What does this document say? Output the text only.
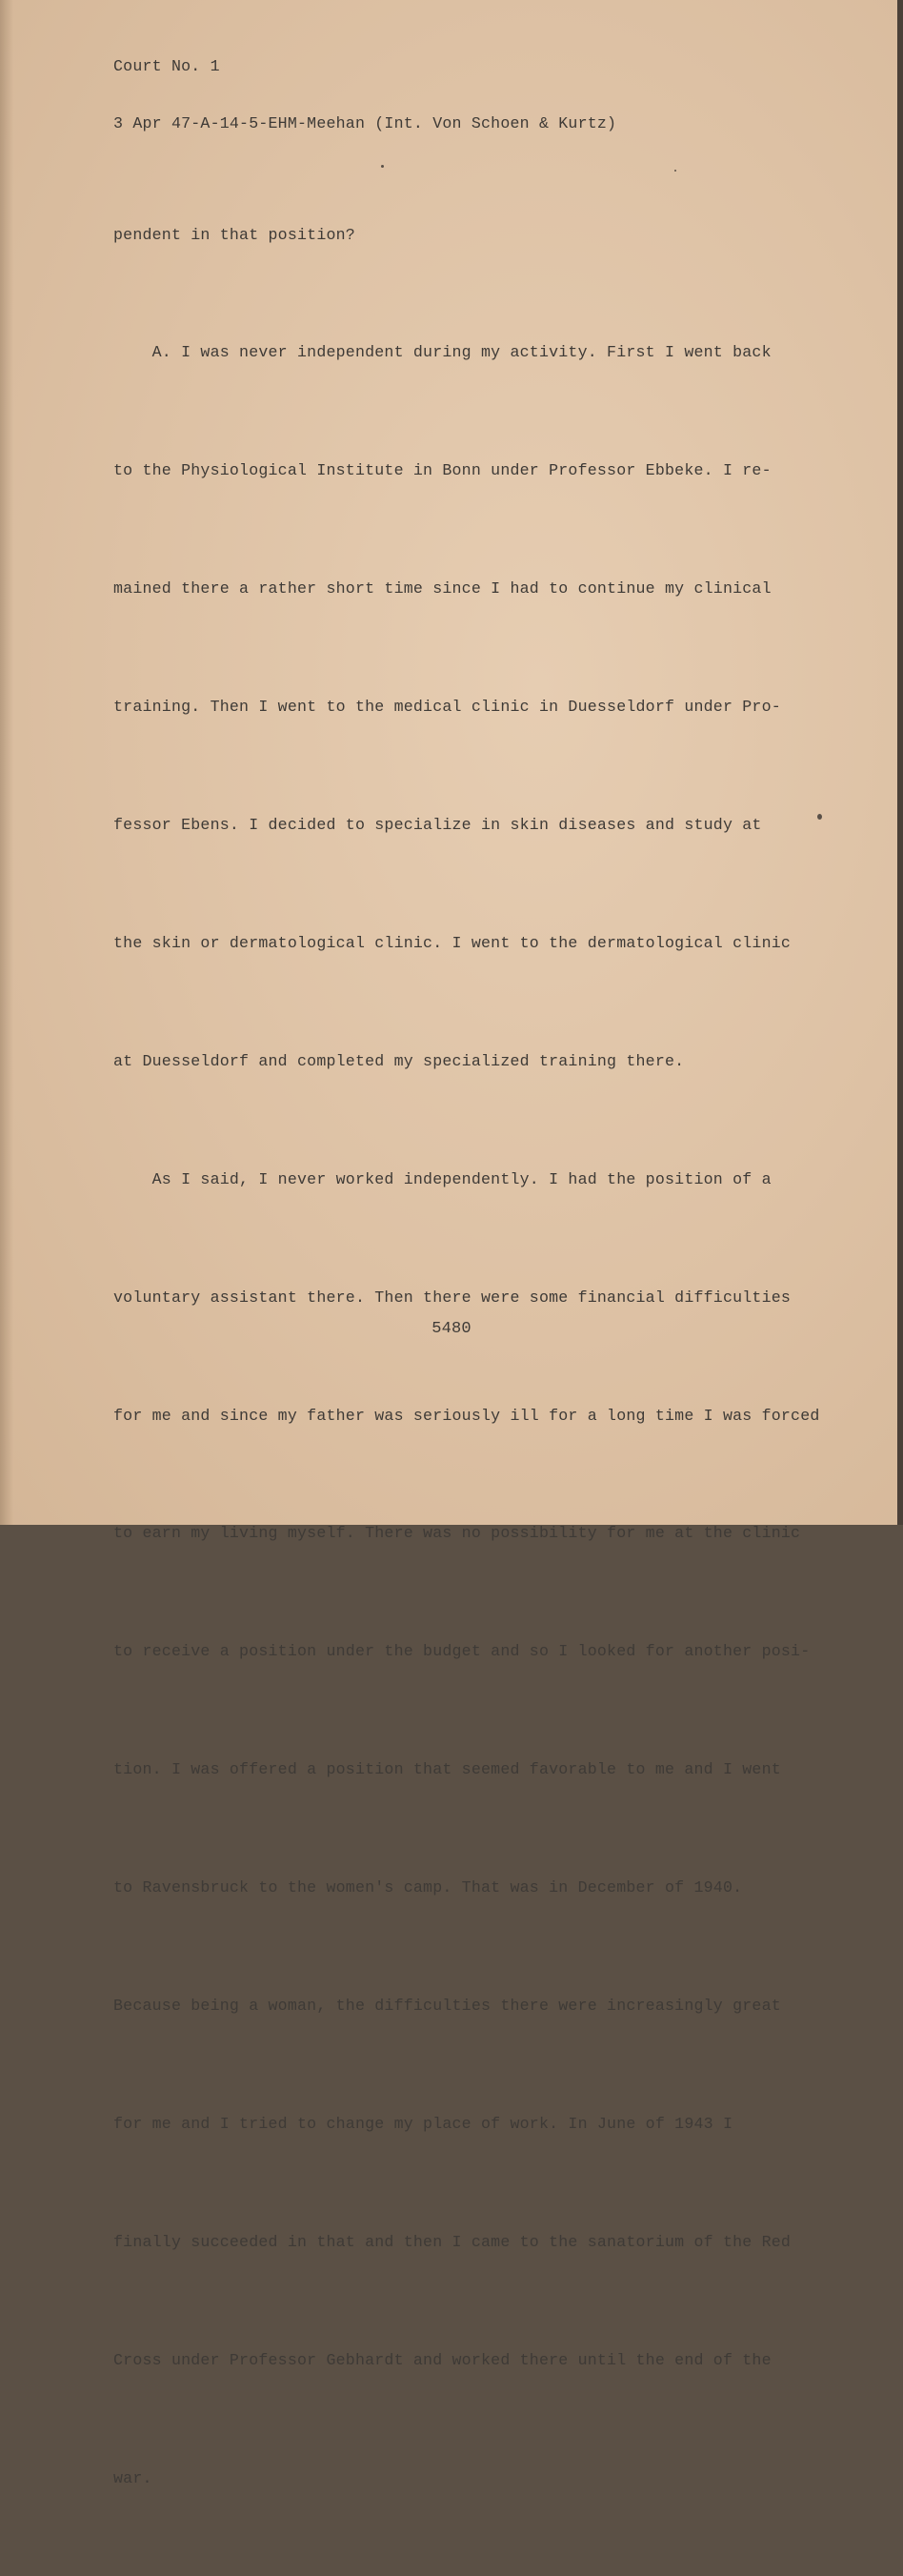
Court No. 1

3 Apr 47-A-14-5-EHM-Meehan (Int. Von Schoen & Kurtz)

pendent in that position?

A. I was never independent during my activity. First I went back

to the Physiological Institute in Bonn under Professor Ebbeke. I re-

mained there a rather short time since I had to continue my clinical

training. Then I went to the medical clinic in Duesseldorf under Pro-

fessor Ebens. I decided to specialize in skin diseases and study at

the skin or dermatological clinic. I went to the dermatological clinic

at Duesseldorf and completed my specialized training there.

As I said, I never worked independently. I had the position of a

voluntary assistant there. Then there were some financial difficulties

for me and since my father was seriously ill for a long time I was forced

to earn my living myself. There was no possibility for me at the clinic

to receive a position under the budget and so I looked for another posi-

tion. I was offered a position that seemed favorable to me and I went

to Ravensbruck to the women's camp. That was in December of 1940.

Because being a woman, the difficulties there were increasingly great

for me and I tried to change my place of work. In June of 1943 I

finally succeeded in that and then I came to the sanatorium of the Red

Cross under Professor Gebhardt and worked there until the end of the

war.

5480
